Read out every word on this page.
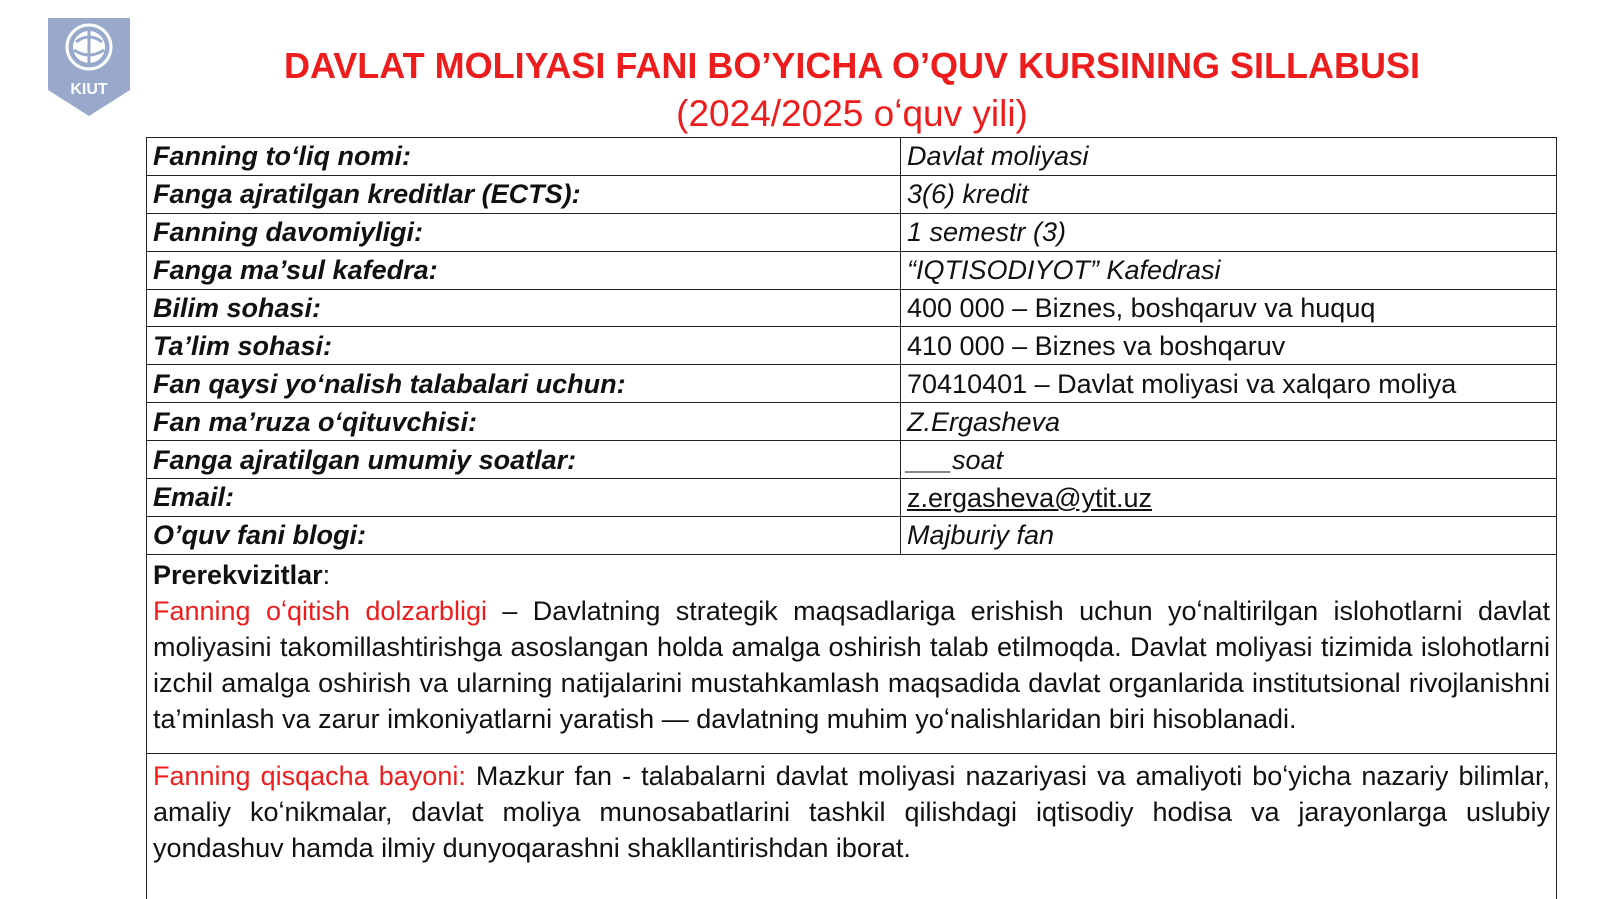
KIUT
DAVLAT MOLIYASI FANI BO’YICHA O’QUV KURSINING SILLABUSI
(2024/2025 oʻquv yili)
Fanning toʻliq nomi:	Davlat moliyasi
Fanga ajratilgan kreditlar (ECTS):	3(6) kredit
Fanning davomiyligi:	1 semestr (3)
Fanga ma’sul kafedra:	“IQTISODIYOT” Kafedrasi
Bilim sohasi:	400 000 – Biznes, boshqaruv va huquq
Ta’lim sohasi:	410 000 – Biznes va boshqaruv
Fan qaysi yoʻnalish talabalari uchun:	70410401 – Davlat moliyasi va xalqaro moliya
Fan ma’ruza oʻqituvchisi:	Z.Ergasheva
Fanga ajratilgan umumiy soatlar:	___soat
Email:	z.ergasheva@ytit.uz
O’quv fani blogi:	Majburiy fan
Prerekvizitlar:
Fanning oʻqitish dolzarbligi – Davlatning strategik maqsadlariga erishish uchun yoʻnaltirilgan islohotlarni davlat moliyasini takomillashtirishga asoslangan holda amalga oshirish talab etilmoqda. Davlat moliyasi tizimida islohotlarni izchil amalga oshirish va ularning natijalarini mustahkamlash maqsadida davlat organlarida institutsional rivojlanishni ta’minlash va zarur imkoniyatlarni yaratish — davlatning muhim yoʻnalishlaridan biri hisoblanadi.
Fanning qisqacha bayoni: Mazkur fan - talabalarni davlat moliyasi nazariyasi va amaliyoti boʻyicha nazariy bilimlar, amaliy koʻnikmalar, davlat moliya munosabatlarini tashkil qilishdagi iqtisodiy hodisa va jarayonlarga uslubiy yondashuv hamda ilmiy dunyoqarashni shakllantirishdan iborat.
